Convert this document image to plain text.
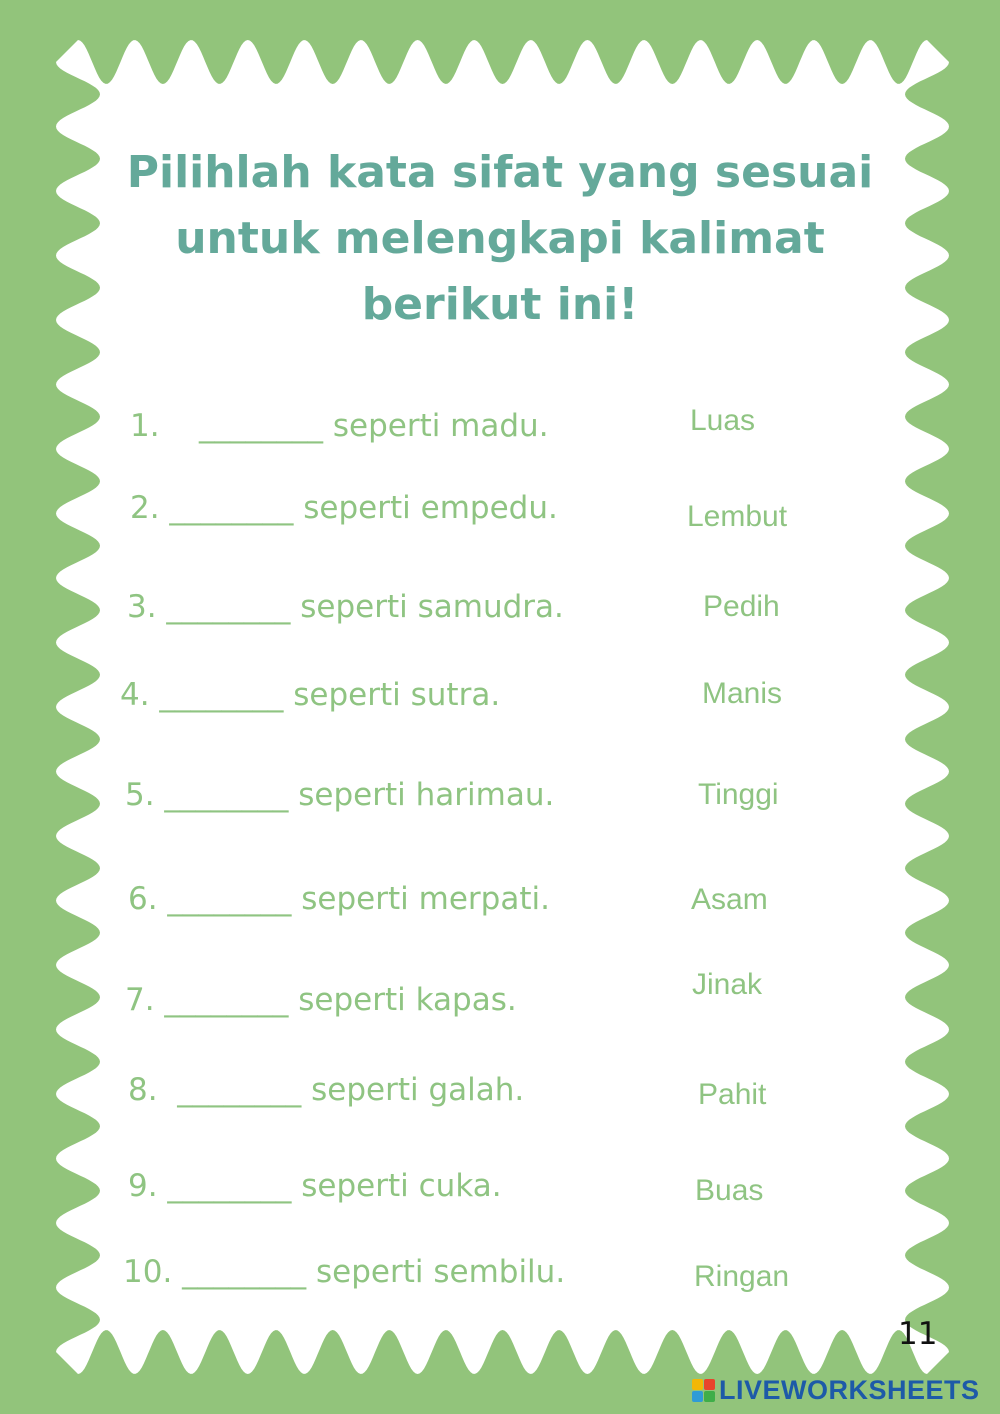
Pilihlah kata sifat yang sesuai
untuk melengkapi kalimat
berikut ini!
1.    ________ seperti madu.
2. ________ seperti empedu.
3. ________ seperti samudra.
4. ________ seperti sutra.
5. ________ seperti harimau.
6. ________ seperti merpati.
7. ________ seperti kapas.
8.  ________ seperti galah.
9. ________ seperti cuka.
10. ________ seperti sembilu.
Luas
Lembut
Pedih
Manis
Tinggi
Asam
Jinak
Pahit
Buas
Ringan
11
LIVEWORKSHEETS
